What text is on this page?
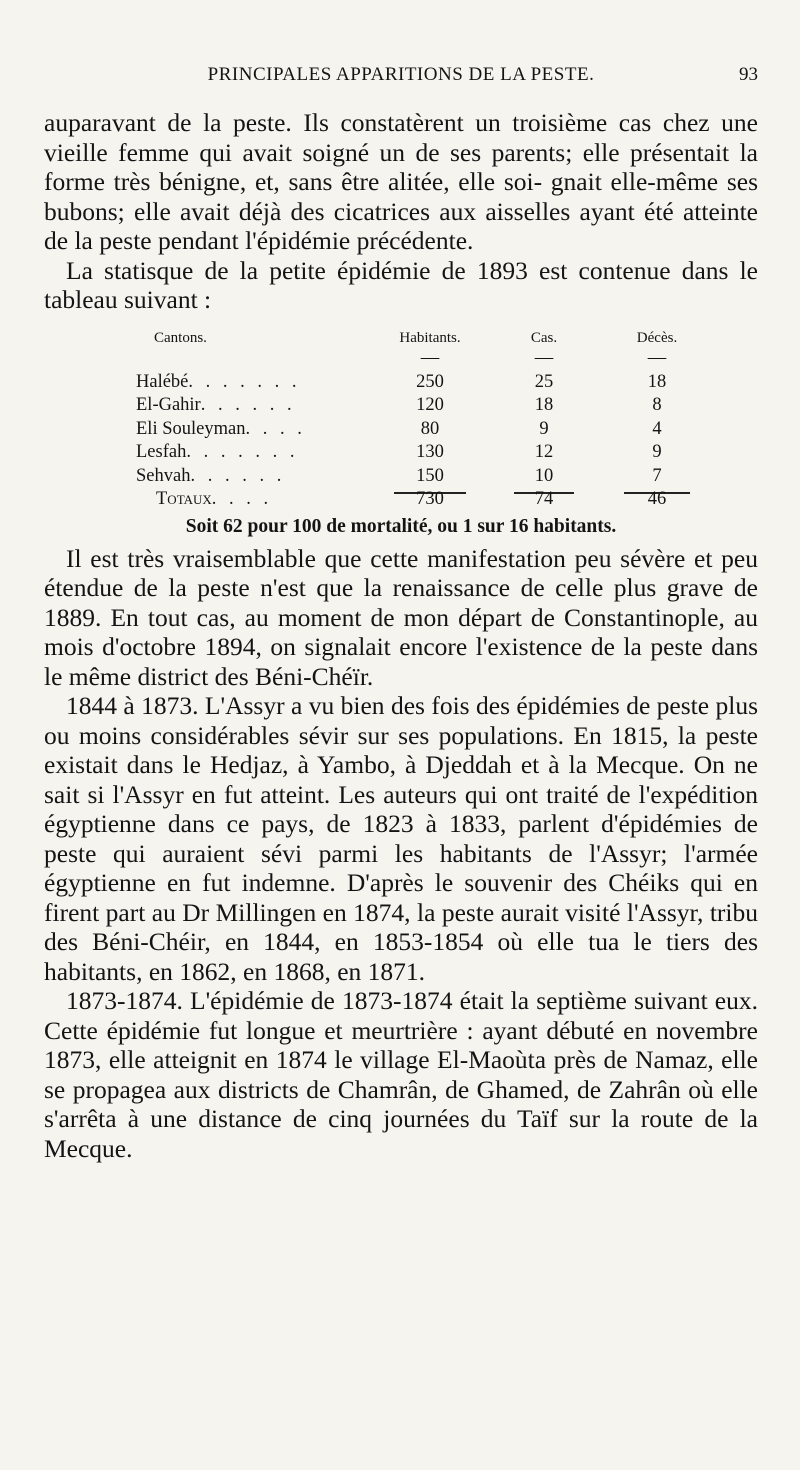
PRINCIPALES APPARITIONS DE LA PESTE.	93

auparavant de la peste. Ils constatèrent un troisième cas chez une vieille femme qui avait soigné un de ses parents; elle présentait la forme très bénigne, et, sans être alitée, elle soi- gnait elle-même ses bubons; elle avait déjà des cicatrices aux aisselles ayant été atteinte de la peste pendant l'épidémie précédente.

La statisque de la petite épidémie de 1893 est contenue dans le tableau suivant :

Cantons.	Habitants.	Cas.	Décès.
—	—	—
Halébé. . . . . . .	250	25	18
El-Gahir. . . . . .	120	18	8
Eli Souleyman. . . .	80	9	4
Lesfah. . . . . . .	130	12	9
Sehvah. . . . . .	150	10	7
Totaux. . . .	730	74	46
Soit 62 pour 100 de mortalité, ou 1 sur 16 habitants.

Il est très vraisemblable que cette manifestation peu sévère et peu étendue de la peste n'est que la renaissance de celle plus grave de 1889. En tout cas, au moment de mon départ de Constantinople, au mois d'octobre 1894, on signalait encore l'existence de la peste dans le même district des Béni-Chéïr.

1844 à 1873. L'Assyr a vu bien des fois des épidémies de peste plus ou moins considérables sévir sur ses populations. En 1815, la peste existait dans le Hedjaz, à Yambo, à Djeddah et à la Mecque. On ne sait si l'Assyr en fut atteint. Les auteurs qui ont traité de l'expédition égyptienne dans ce pays, de 1823 à 1833, parlent d'épidémies de peste qui auraient sévi parmi les habitants de l'Assyr; l'armée égyptienne en fut indemne. D'après le souvenir des Chéiks qui en firent part au Dr Millingen en 1874, la peste aurait visité l'Assyr, tribu des Béni-Chéir, en 1844, en 1853-1854 où elle tua le tiers des habitants, en 1862, en 1868, en 1871.

1873-1874. L'épidémie de 1873-1874 était la septième suivant eux. Cette épidémie fut longue et meurtrière : ayant débuté en novembre 1873, elle atteignit en 1874 le village El-Maoùta près de Namaz, elle se propagea aux districts de Chamrân, de Ghamed, de Zahrân où elle s'arrêta à une distance de cinq journées du Taïf sur la route de la Mecque.
